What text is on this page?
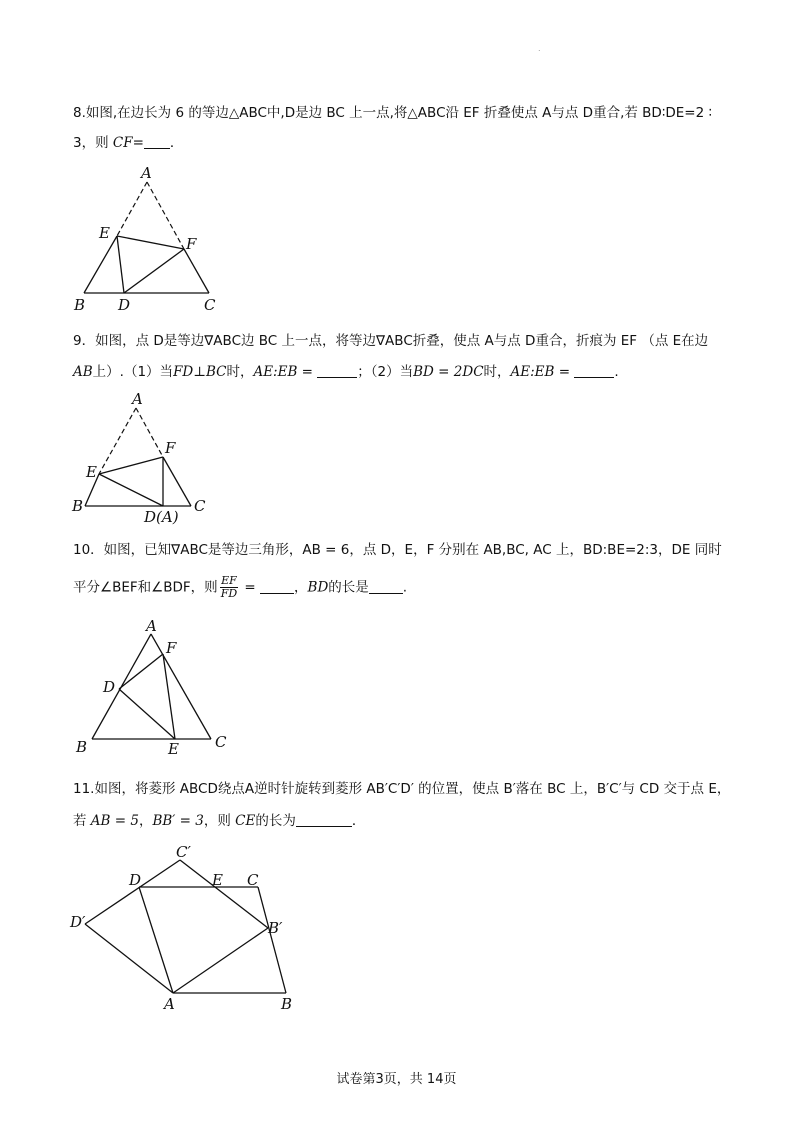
.
8.如图,在边长为 6 的等边△ABC中,D是边 BC 上一点,将△ABC沿 EF 折叠使点 A与点 D重合,若 BD∶DE=2 ∶
3，则 CF= ．
A
E
F
B D	C
9．如图，点 D是等边∇ABC边 BC 上一点，将等边∇ABC折叠，使点 A与点 D重合，折痕为 EF （点 E在边
AB上）.（1）当FD⊥BC时，AE:EB =	；（2）当BD = 2DC时，AE:EB =	.
A
F
E
B
D(A)
C
10．如图，已知∇ABC是等边三角形，AB = 6，点 D，E，F 分别在 AB,BC, AC 上，BD:BE=2:3，DE 同时
平分∠BEF和∠BDF，则 $\frac{EF}{FD}$ =	，BD的长是	.
A
F
D
B	E C
11.如图，将菱形 ABCD绕点A逆时针旋转到菱形 AB′C′D′ 的位置，使点 B′落在 BC 上，B′C′与 CD 交于点 E，
若 AB = 5，BB′ = 3，则 CE的长为	．
C′
D	E C
D′	B′
A	B
试卷第3页，共 14页
